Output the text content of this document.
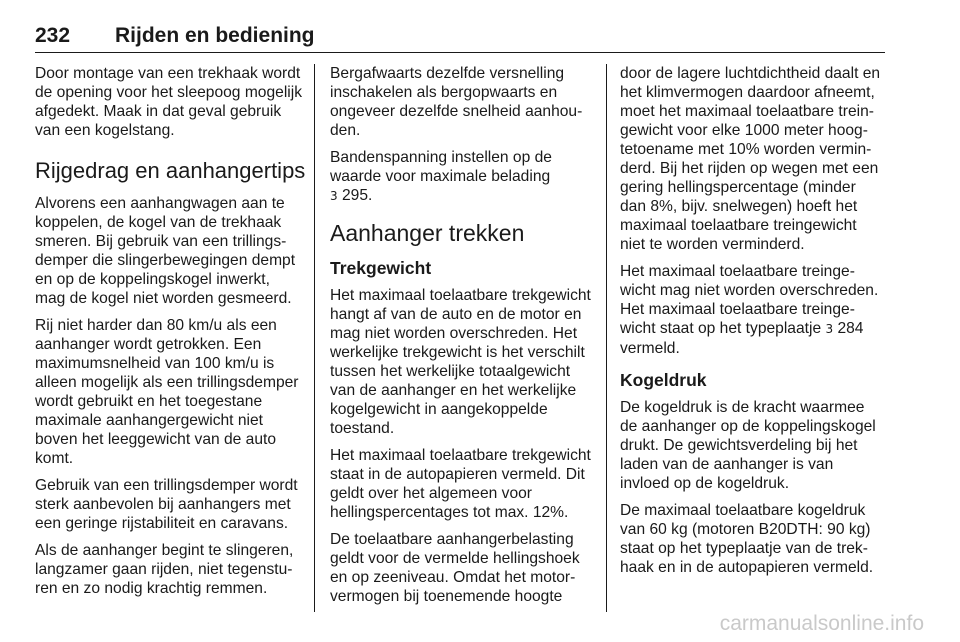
232 Rijden en bediening

Door montage van een trekhaak wordt de opening voor het sleepoog mogelijk afgedekt. Maak in dat geval gebruik van een kogelstang.

Rijgedrag en aanhangertips

Alvorens een aanhangwagen aan te koppelen, de kogel van de trekhaak smeren. Bij gebruik van een trillingsdemper die slingerbewegingen dempt en op de koppelingskogel inwerkt, mag de kogel niet worden gesmeerd.

Rij niet harder dan 80 km/u als een aanhanger wordt getrokken. Een maximumsnelheid van 100 km/u is alleen mogelijk als een trillingsdemper wordt gebruikt en het toegestane maximale aanhangergewicht niet boven het leeggewicht van de auto komt.

Gebruik van een trillingsdemper wordt sterk aanbevolen bij aanhangers met een geringe rijstabiliteit en caravans.

Als de aanhanger begint te slingeren, langzamer gaan rijden, niet tegensturen en zo nodig krachtig remmen.

Bergafwaarts dezelfde versnelling inschakelen als bergopwaarts en ongeveer dezelfde snelheid aanhouden.

Bandenspanning instellen op de waarde voor maximale belading
3 295.

Aanhanger trekken
Trekgewicht

Het maximaal toelaatbare trekgewicht hangt af van de auto en de motor en mag niet worden overschreden. Het werkelijke trekgewicht is het verschilt tussen het werkelijke totaalgewicht van de aanhanger en het werkelijke kogelgewicht in aangekoppelde toestand.

Het maximaal toelaatbare trekgewicht staat in de autopapieren vermeld. Dit geldt over het algemeen voor hellingspercentages tot max. 12%.

De toelaatbare aanhangerbelasting geldt voor de vermelde hellingshoek en op zeeniveau. Omdat het motorvermogen bij toenemende hoogte

door de lagere luchtdichtheid daalt en het klimvermogen daardoor afneemt, moet het maximaal toelaatbare treingewicht voor elke 1000 meter hoogtetoename met 10% worden verminderd. Bij het rijden op wegen met een gering hellingspercentage (minder dan 8%, bijv. snelwegen) hoeft het maximaal toelaatbare treingewicht niet te worden verminderd.

Het maximaal toelaatbare treingewicht mag niet worden overschreden. Het maximaal toelaatbare treingewicht staat op het typeplaatje 3 284 vermeld.

Kogeldruk

De kogeldruk is de kracht waarmee de aanhanger op de koppelingskogel drukt. De gewichtsverdeling bij het laden van de aanhanger is van invloed op de kogeldruk.

De maximaal toelaatbare kogeldruk van 60 kg (motoren B20DTH: 90 kg) staat op het typeplaatje van de trekhaak en in de autopapieren vermeld.

carmanualsonline.info
